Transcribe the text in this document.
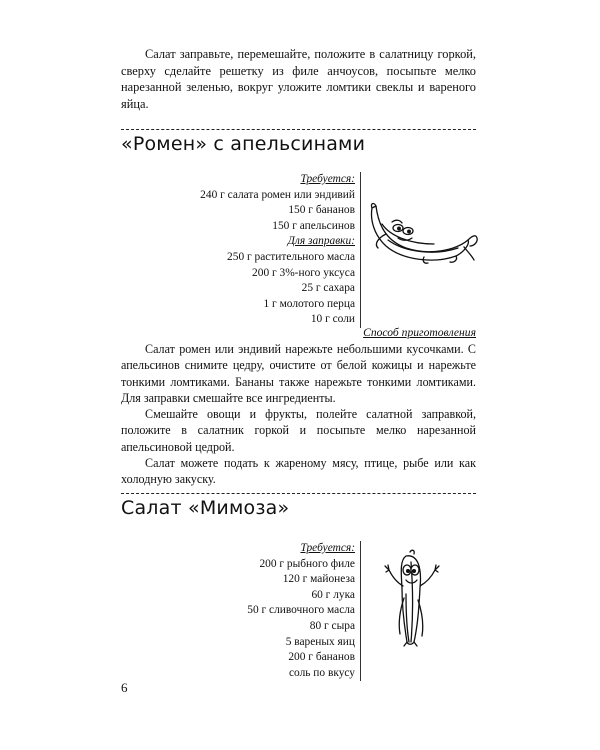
Салат заправьте, перемешайте, положите в салатницу горкой, сверху сделайте решетку из филе анчоусов, посыпьте мелко нарезанной зеленью, вокруг уложите ломтики свеклы и вареного яйца.

«Ромен» с апельсинами
Требуется:
240 г салата ромен или эндивий
150 г бананов
150 г апельсинов
Для заправки:
250 г растительного масла
200 г 3%-ного уксуса
25 г сахара
1 г молотого перца
10 г соли
Способ приготовления

Салат ромен или эндивий нарежьте небольшими кусочками. С апельсинов снимите цедру, очистите от белой кожицы и нарежьте тонкими ломтиками. Бананы также нарежьте тонкими ломтиками. Для заправки смешайте все ингредиенты.

Смешайте овощи и фрукты, полейте салатной заправкой, положите в салатник горкой и посыпьте мелко нарезанной апельсиновой цедрой.

Салат можете подать к жареному мясу, птице, рыбе или как холодную закуску.

Салат «Мимоза»
Требуется:
200 г рыбного филе
120 г майонеза
60 г лука
50 г сливочного масла
80 г сыра
5 вареных яиц
200 г бананов
соль по вкусу
6
